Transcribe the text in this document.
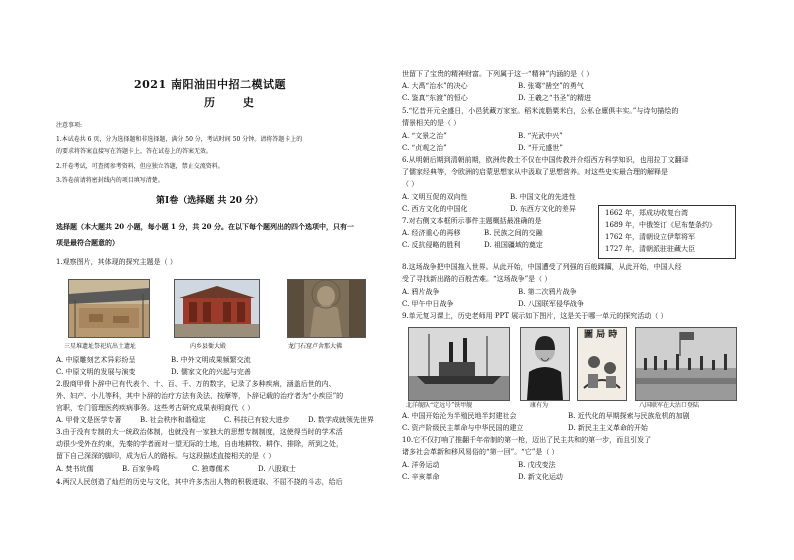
2021 南阳油田中招二模试题
历 史
注意事项:
1.本试卷共 6 页，分为选择题和非选择题，满分 50 分，考试时间 50 分钟。请将答题卡上的
的要求将答案直接写在答题卡上，答在试卷上的答案无效。
2.开卷考试，可查阅参考资料，但应独立答题，禁止交流资料。
3.答卷前请将密封线内的项目填写清楚。
第Ⅰ卷（选择题 共 20 分）
选择题（本大题共 20 小题，每小题 1 分，共 20 分。在以下每个题列出的四个选项中，只有一
项是最符合题意的）
1.观察图片，其体现的探究主题是（ ）
三星堆遗址祭祀坑出土遗址	内乡县衙大殿	龙门石窟卢舍那大佛
A. 中原雕刻艺术异彩纷呈	B. 中外文明成果频繁交流
C. 中原文明的发展与演变	D. 儒家文化的兴起与完善
2.殷商甲骨卜辞中已有代表个、十、百、千、万的数字，记录了多种疾病，涵盖后世的内、
外、妇产、小儿等科，其中卜辞的治疗方法有灸法、按摩等，卜辞记载的治疗者为“小疾臣”的
官职，专门管理医药疾病事务。这些考古研究成果表明商代（ ）
A. 甲骨文是医学专著	B. 社会秩序和谐稳定	C. 科技已有较大进步	D. 数学成就领先世界
3.由于没有专制的大一统政治体制，也就没有一家独大的思想专制制度，这使得当时的学术活
动很少受外在约束，先秦的学者面对一望无际的土地，自由地耕牧、耕作、排除，所到之处，
留下自己深深的脚印，成为后人的路标。与这段描述直接相关的是（ ）
A. 焚书坑儒	B. 百家争鸣	C. 独尊儒术	D. 八股取士
4.两汉人民创造了灿烂的历史与文化，其中许多杰出人物的积极进取、不屈不挠的斗志，给后
世留下了宝贵的精神财富。下列属于这一“精神”内涵的是（ ）
A. 大禹“治水”的决心	B. 张骞“凿空”的勇气
C. 鉴真“东渡”的恒心	D. 王羲之“书圣”的精进
5.“忆昔开元全盛日，小邑犹藏万家室。稻米流脂粟米白，公私仓廪俱丰实。”与诗句描绘的
情景相关的是（ ）
A. “文景之治”	B. “光武中兴”
C. “贞观之治”	D. “开元盛世”
6.从明朝后期到清朝前期，欧洲传教士不仅在中国传教并介绍西方科学知识，也用拉丁文翻译
了儒家经典等，令欧洲的启蒙思想家从中汲取了思想营养。对这些史实最合理的解释是
（ ）
A. 文明互促的双向性	B. 中国文化的先进性
C. 西方文化的中国化	D. 东西方文化的差异
7.对右侧文本框所示事件主题概括最准确的是
A. 经济重心的再移	B. 民族之间的交融
C. 反抗侵略的胜利	D. 祖国疆域的奠定
1662 年，郑成功收复台湾
1689 年，中俄签订《尼布楚条约》
1762 年，清朝设立伊犁将军
1727 年，清朝派驻驻藏大臣
8.这场战争把中国拖入世界。从此开始，中国遭受了列强的百般蹂躏，从此开始，中国人经
受了寻找新出路的百般苦难。“这场战争”是（ ）
A. 鸦片战争	B. 第二次鸦片战争
C. 甲午中日战争	D. 八国联军侵华战争
9.单元复习课上，历史老师用 PPT 展示如下图片，这是关于哪一单元的探究活动（ ）
圖 局 時
北洋舰队“定远号”铁甲舰	康有为	八国联军在大沽口登陆
A. 中国开始沦为半殖民地半封建社会	B. 近代化的早期探索与民族危机的加剧
C. 资产阶级民主革命与中华民国的建立	D. 新民主主义革命的开始
10.它不仅打响了推翻千年帝制的第一枪，迈出了民主共和的第一步，而且引发了
诸多社会革新和移风易俗的“第一回”。“它”是（ ）
A. 洋务运动	B. 戊戌变法
C. 辛亥革命	D. 新文化运动
